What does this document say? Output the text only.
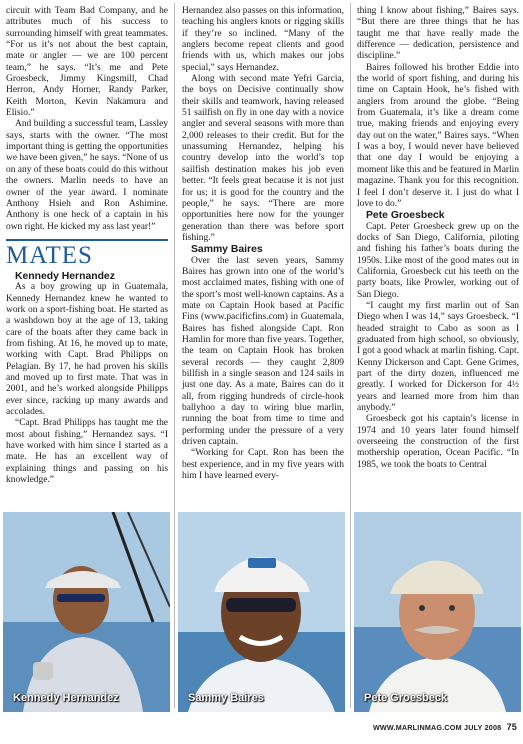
circuit with Team Bad Company, and he attributes much of his success to surrounding himself with great teammates. “For us it’s not about the best captain, mate or angler — we are 100 percent team,” he says. “It’s me and Pete Groesbeck, Jimmy Kingsmill, Chad Herron, Andy Horner, Randy Parker, Keith Morton, Kevin Nakamura and Elisio.”

And building a successful team, Lassley says, starts with the owner. “The most important thing is getting the opportunities we have been given,” he says. “None of us on any of these boats could do this without the owners. Marlin needs to have an owner of the year award. I nominate Anthony Hsieh and Ron Ashimine. Anthony is one heck of a captain in his own right. He kicked my ass last year!”

MATES

Kennedy Hernandez

As a boy growing up in Guatemala, Kennedy Hernandez knew he wanted to work on a sport-fishing boat. He started as a washdown boy at the age of 13, taking care of the boats after they came back in from fishing. At 16, he moved up to mate, working with Capt. Brad Philipps on Pelagian. By 17, he had proven his skills and moved up to first mate. That was in 2001, and he’s worked alongside Philipps ever since, racking up many awards and accolades.

“Capt. Brad Philipps has taught me the most about fishing,” Hernandez says. “I have worked with him since I started as a mate. He has an excellent way of explaining things and passing on his knowledge.”

Hernandez also passes on this information, teaching his anglers knots or rigging skills if they’re so inclined. “Many of the anglers become repeat clients and good friends with us, which makes our jobs special,” says Hernandez.

Along with second mate Yefri Garcia, the boys on Decisive continually show their skills and teamwork, having released 51 sailfish on fly in one day with a novice angler and several seasons with more than 2,000 releases to their credit. But for the unassuming Hernandez, helping his country develop into the world’s top sailfish destination makes his job even better. “It feels great because it is not just for us; it is good for the country and the people,” he says. “There are more opportunities here now for the younger generation than there was before sport fishing.”

Sammy Baires

Over the last seven years, Sammy Baires has grown into one of the world’s most acclaimed mates, fishing with one of the sport’s most well-known captains. As a mate on Captain Hook based at Pacific Fins (www.pacificfins.com) in Guatemala, Baires has fished alongside Capt. Ron Hamlin for more than five years. Together, the team on Captain Hook has broken several records — they caught 2,809 billfish in a single season and 124 sails in just one day. As a mate, Baires can do it all, from rigging hundreds of circle-hook ballyhoo a day to wiring blue marlin, running the boat from time to time and performing under the pressure of a very driven captain.

“Working for Capt. Ron has been the best experience, and in my five years with him I have learned every-

thing I know about fishing,” Baires says. “But there are three things that he has taught me that have really made the difference — dedication, persistence and discipline.”

Baires followed his brother Eddie into the world of sport fishing, and during his time on Captain Hook, he’s fished with anglers from around the globe. “Being from Guatemala, it’s like a dream come true, making friends and enjoying every day out on the water,” Baires says. “When I was a boy, I would never have believed that one day I would be enjoying a moment like this and be featured in Marlin magazine. Thank you for this recognition. I feel I don’t deserve it. I just do what I love to do.”

Pete Groesbeck

Capt. Peter Groesbeck grew up on the docks of San Diego, California, piloting and fishing his father’s boats during the 1950s. Like most of the good mates out in California, Groesbeck cut his teeth on the party boats, like Prowler, working out of San Diego.

“I caught my first marlin out of San Diego when I was 14,” says Groesbeck. “I headed straight to Cabo as soon as I graduated from high school, so obviously, I got a good whack at marlin fishing. Capt. Kenny Dickerson and Capt. Gene Grimes, part of the dirty dozen, influenced me greatly. I worked for Dickerson for 4½ years and learned more from him than anybody.”

Groesbeck got his captain’s license in 1974 and 10 years later found himself overseeing the construction of the first mothership operation, Ocean Pacific. “In 1985, we took the boats to Central

Kennedy Hernandez	Sammy Baires	Pete Groesbeck
WWW.MARLINMAG.COM JULY 2008 75
